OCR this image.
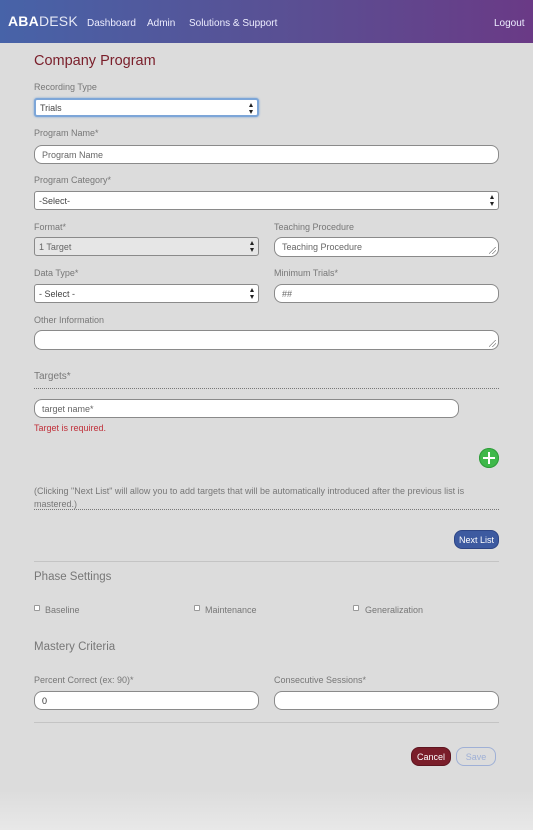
ABADESK Dashboard Admin Solutions & Support	Logout
Company Program
Recording Type
Trials
Program Name*
Program Name
Program Category*
-Select-
Format*
1 Target
Teaching Procedure
Teaching Procedure
Data Type*
- Select -
Minimum Trials*
##
Other Information
Targets*
target name*
Target is required.
(Clicking "Next List" will allow you to add targets that will be automatically introduced after the previous list is mastered.)
Next List
Phase Settings
Baseline	Maintenance	Generalization
Mastery Criteria
Percent Correct (ex: 90)*
0
Consecutive Sessions*
Cancel	Save
